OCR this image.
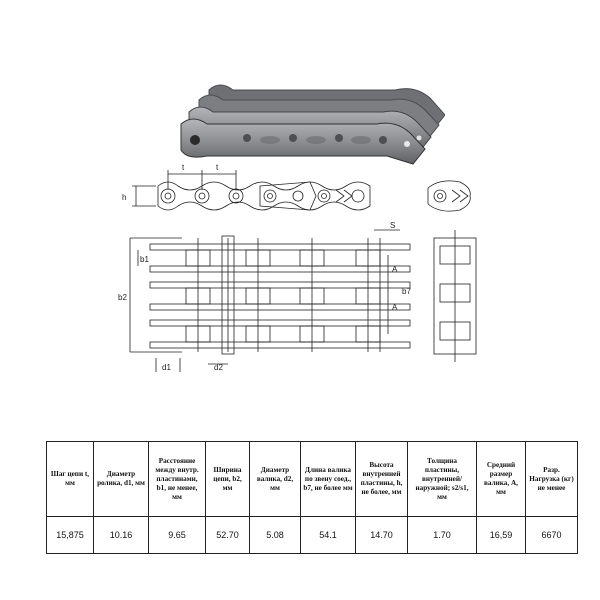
t	t
h
S
b1
b2
b7
A
A
d1	d2
Шаг цепи t, мм	Диаметр ролика, d1, мм	Расстояние между внутр. пластинами, b1, не менее, мм	Ширина цепи, b2, мм	Диаметр валика, d2, мм	Длина валика по звену соед., b7, не более мм	Высота внутренней пластины, h, не более, мм	Толщина пластины, внутренней/наружной; s2/s1, мм	Средний размер валика, A, мм	Разр. Нагрузка (кг) не менее
15,875	10.16	9.65	52.70	5.08	54.1	14.70	1.70	16,59	6670
